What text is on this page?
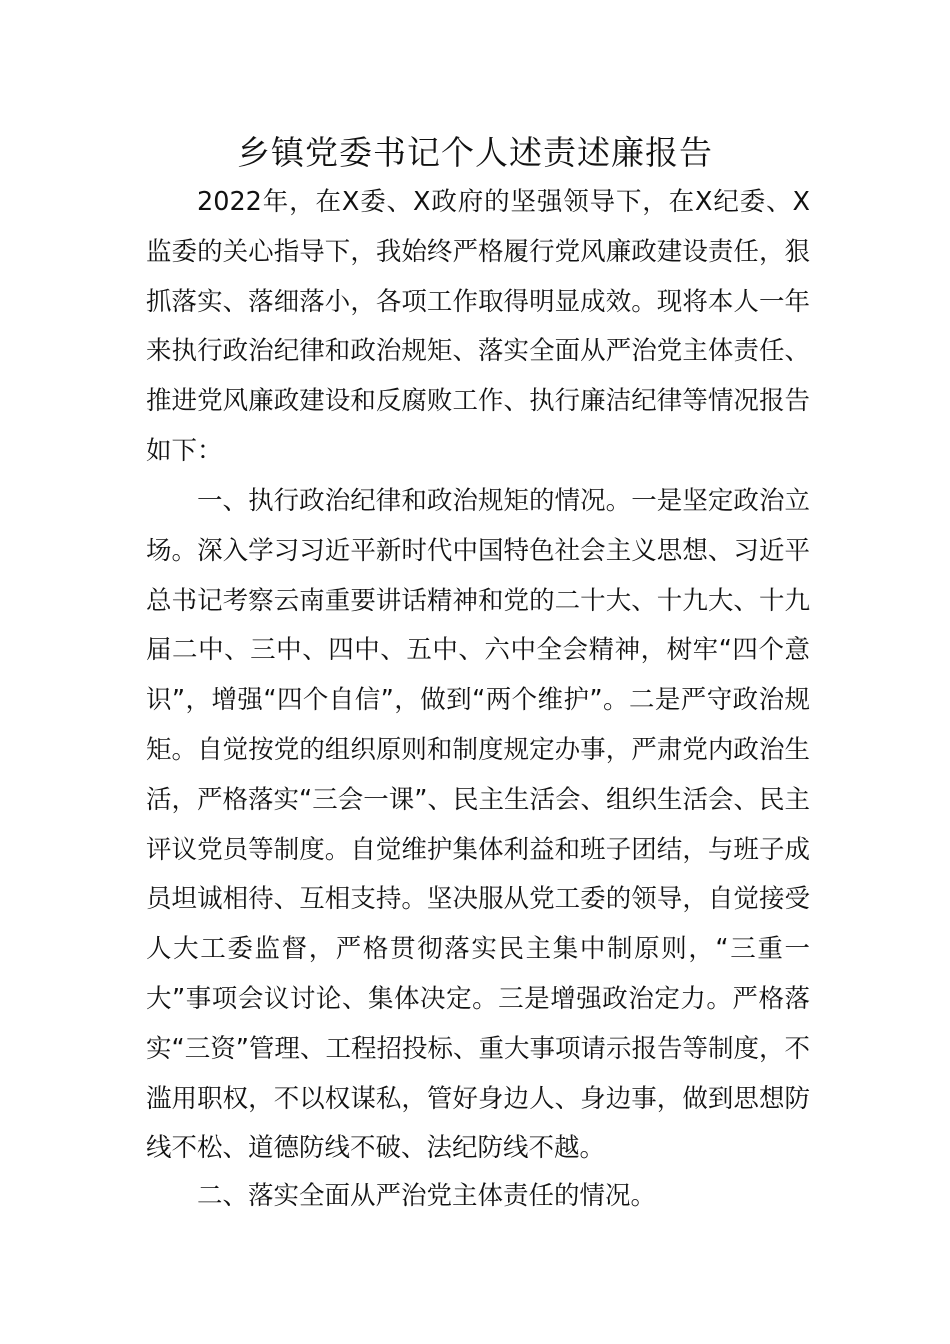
乡镇党委书记个人述责述廉报告

2022年，在X委、X政府的坚强领导下，在X纪委、X监委的关心指导下，我始终严格履行党风廉政建设责任，狠抓落实、落细落小，各项工作取得明显成效。现将本人一年来执行政治纪律和政治规矩、落实全面从严治党主体责任、推进党风廉政建设和反腐败工作、执行廉洁纪律等情况报告如下：

一、执行政治纪律和政治规矩的情况。一是坚定政治立场。深入学习习近平新时代中国特色社会主义思想、习近平总书记考察云南重要讲话精神和党的二十大、十九大、十九届二中、三中、四中、五中、六中全会精神，树牢“四个意识”，增强“四个自信”，做到“两个维护”。二是严守政治规矩。自觉按党的组织原则和制度规定办事，严肃党内政治生活，严格落实“三会一课”、民主生活会、组织生活会、民主评议党员等制度。自觉维护集体利益和班子团结，与班子成员坦诚相待、互相支持。坚决服从党工委的领导，自觉接受人大工委监督，严格贯彻落实民主集中制原则，“三重一大”事项会议讨论、集体决定。三是增强政治定力。严格落实“三资”管理、工程招投标、重大事项请示报告等制度，不滥用职权，不以权谋私，管好身边人、身边事，做到思想防线不松、道德防线不破、法纪防线不越。

二、落实全面从严治党主体责任的情况。
